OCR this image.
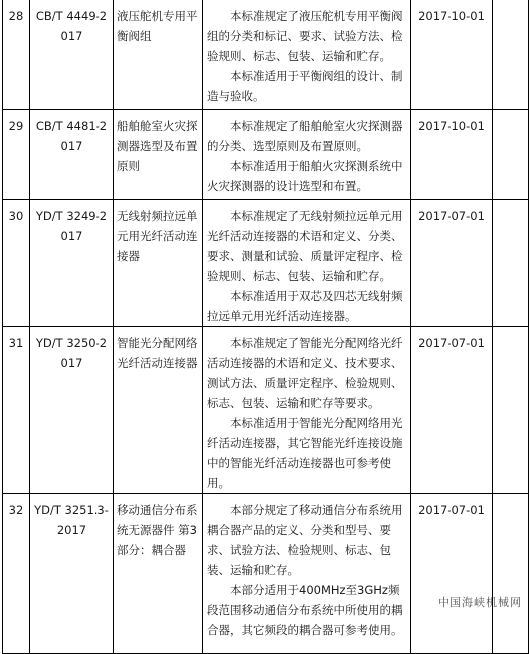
28	CB/T 4449-2017	液压舵机专用平衡阀组	本标准规定了液压舵机专用平衡阀组的分类和标记、要求、试验方法、检验规则、标志、包装、运输和贮存。

本标准适用于平衡阀组的设计、制造与验收。	2017-10-01	
29	CB/T 4481-2017	船舶舱室火灾探测器选型及布置原则	本标准规定了船舶舱室火灾探测器的分类、选型原则及布置原则。

本标准适用于船舶火灾探测系统中火灾探测器的设计选型和布置。	2017-10-01	
30	YD/T 3249-2017	无线射频拉远单元用光纤活动连接器	本标准规定了无线射频拉远单元用光纤活动连接器的术语和定义、分类、要求、测量和试验、质量评定程序、检验规则、标志、包装、运输和贮存。

本标准适用于双芯及四芯无线射频拉远单元用光纤活动连接器。	2017-07-01	
31	YD/T 3250-2017	智能光分配网络光纤活动连接器	本标准规定了智能光分配网络光纤活动连接器的术语和定义、技术要求、测试方法、质量评定程序、检验规则、标志、包装、运输和贮存等要求。

本标准适用于智能光分配网络用光纤活动连接器，其它智能光纤连接设施中的智能光纤活动连接器也可参考使用。	2017-07-01	
32	YD/T 3251.3-2017	移动通信分布系统无源器件 第3部分：耦合器	本部分规定了移动通信分布系统用耦合器产品的定义、分类和型号、要求、试验方法、检验规则、标志、包装、运输和贮存。

本部分适用于400MHz至3GHz频段范围移动通信分布系统中所使用的耦合器，其它频段的耦合器可参考使用。	2017-07-01	
中国海峡机械网
